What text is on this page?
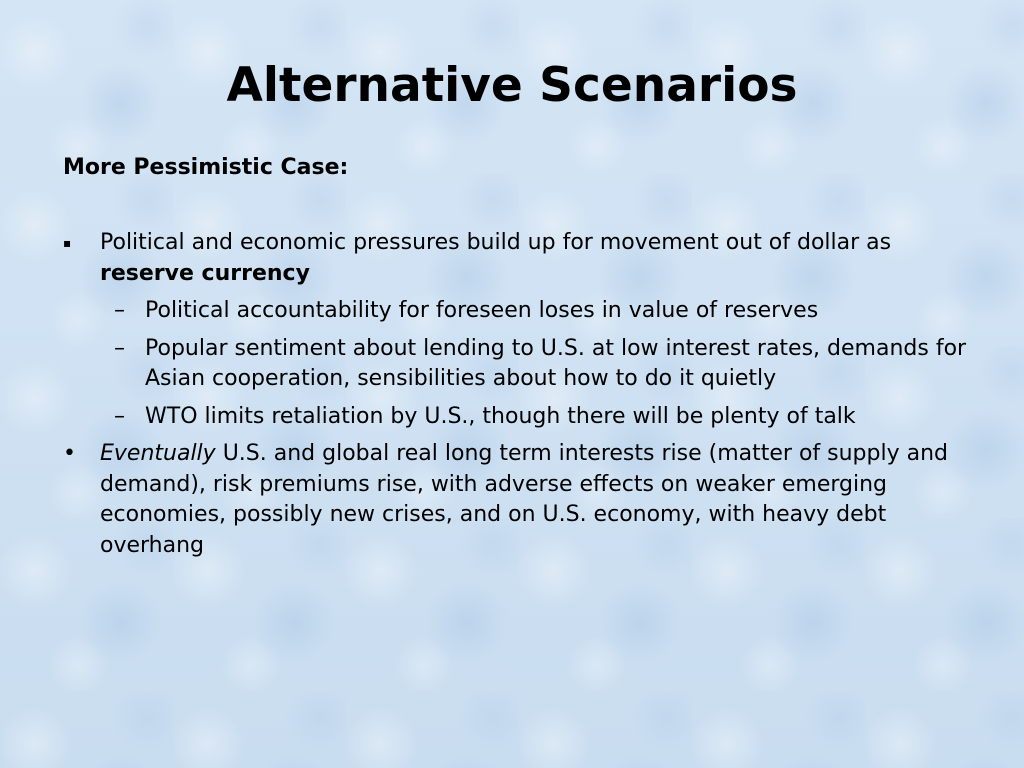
Alternative Scenarios

More Pessimistic Case:

▪	Political and economic pressures build up for movement out of dollar as reserve currency
– Political accountability for foreseen loses in value of reserves
– Popular sentiment about lending to U.S. at low interest rates, demands for Asian cooperation, sensibilities about how to do it quietly
– WTO limits retaliation by U.S., though there will be plenty of talk
•	Eventually U.S. and global real long term interests rise (matter of supply and demand), risk premiums rise, with adverse effects on weaker emerging economies, possibly new crises, and on U.S. economy, with heavy debt overhang
